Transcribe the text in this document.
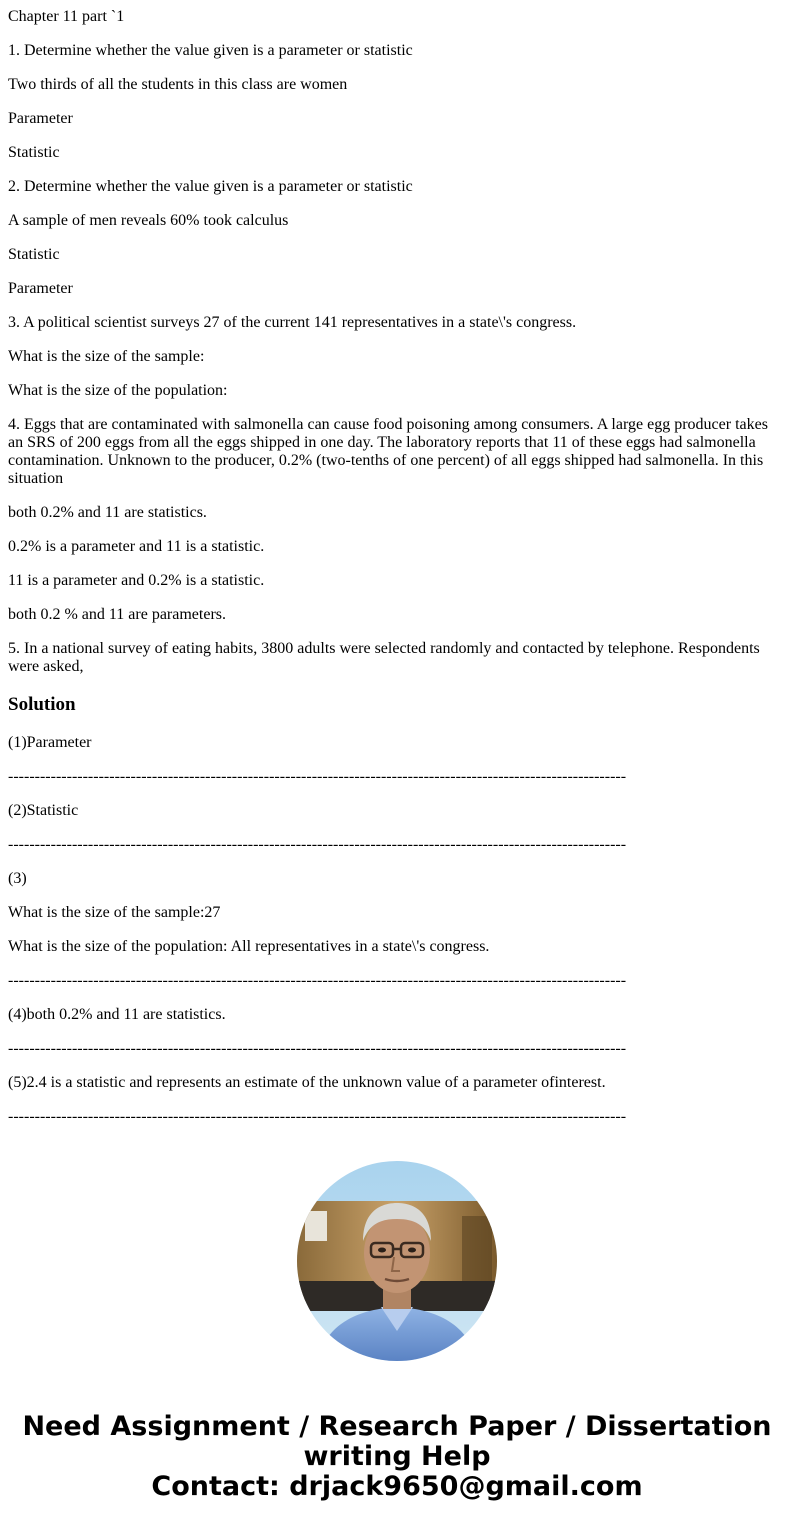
Chapter 11 part `1

1. Determine whether the value given is a parameter or statistic

Two thirds of all the students in this class are women

Parameter

Statistic

2. Determine whether the value given is a parameter or statistic

A sample of men reveals 60% took calculus

Statistic

Parameter

3. A political scientist surveys 27 of the current 141 representatives in a state\'s congress.

What is the size of the sample:

What is the size of the population:

4. Eggs that are contaminated with salmonella can cause food poisoning among consumers. A large egg producer takes an SRS of 200 eggs from all the eggs shipped in one day. The laboratory reports that 11 of these eggs had salmonella contamination. Unknown to the producer, 0.2% (two-tenths of one percent) of all eggs shipped had salmonella. In this situation

both 0.2% and 11 are statistics.

0.2% is a parameter and 11 is a statistic.

11 is a parameter and 0.2% is a statistic.

both 0.2 % and 11 are parameters.

5. In a national survey of eating habits, 3800 adults were selected randomly and contacted by telephone. Respondents were asked,

Solution

(1)Parameter

--------------------------------------------------------------------------------------------------------------------

(2)Statistic

--------------------------------------------------------------------------------------------------------------------

(3)

What is the size of the sample:27

What is the size of the population: All representatives in a state\'s congress.

--------------------------------------------------------------------------------------------------------------------

(4)both 0.2% and 11 are statistics.

--------------------------------------------------------------------------------------------------------------------

(5)2.4 is a statistic and represents an estimate of the unknown value of a parameter ofinterest.

--------------------------------------------------------------------------------------------------------------------

Need Assignment / Research Paper / Dissertation
writing Help
Contact: drjack9650@gmail.com
